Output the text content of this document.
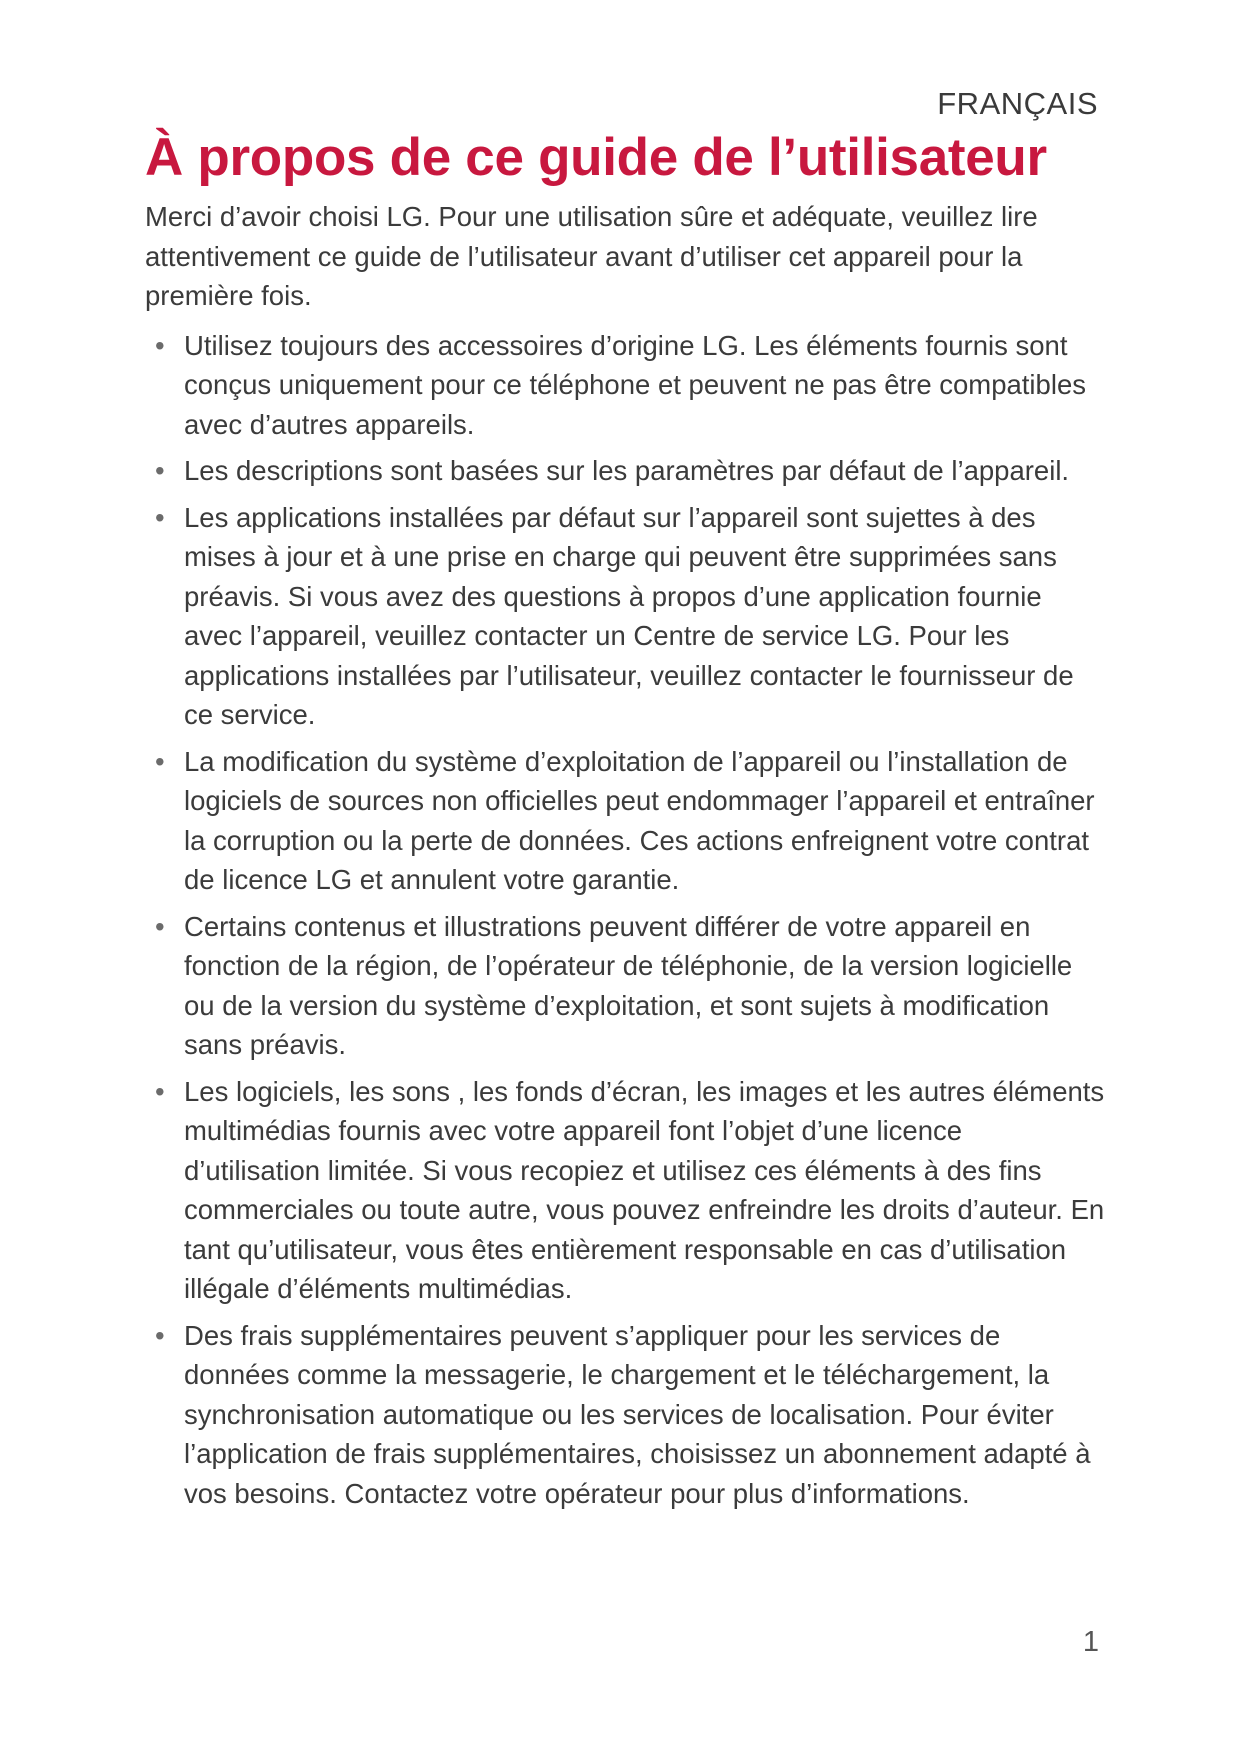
FRANÇAIS
À propos de ce guide de l’utilisateur

Merci d’avoir choisi LG. Pour une utilisation sûre et adéquate, veuillez lire attentivement ce guide de l’utilisateur avant d’utiliser cet appareil pour la première fois.

• Utilisez toujours des accessoires d’origine LG. Les éléments fournis sont conçus uniquement pour ce téléphone et peuvent ne pas être compatibles avec d’autres appareils.
• Les descriptions sont basées sur les paramètres par défaut de l’appareil.
• Les applications installées par défaut sur l’appareil sont sujettes à des mises à jour et à une prise en charge qui peuvent être supprimées sans préavis. Si vous avez des questions à propos d’une application fournie avec l’appareil, veuillez contacter un Centre de service LG. Pour les applications installées par l’utilisateur, veuillez contacter le fournisseur de ce service.
• La modification du système d’exploitation de l’appareil ou l’installation de logiciels de sources non officielles peut endommager l’appareil et entraîner la corruption ou la perte de données. Ces actions enfreignent votre contrat de licence LG et annulent votre garantie.
• Certains contenus et illustrations peuvent différer de votre appareil en fonction de la région, de l’opérateur de téléphonie, de la version logicielle ou de la version du système d’exploitation, et sont sujets à modification sans préavis.
• Les logiciels, les sons , les fonds d’écran, les images et les autres éléments multimédias fournis avec votre appareil font l’objet d’une licence d’utilisation limitée. Si vous recopiez et utilisez ces éléments à des fins commerciales ou toute autre, vous pouvez enfreindre les droits d’auteur. En tant qu’utilisateur, vous êtes entièrement responsable en cas d’utilisation illégale d’éléments multimédias.
• Des frais supplémentaires peuvent s’appliquer pour les services de données comme la messagerie, le chargement et le téléchargement, la synchronisation automatique ou les services de localisation. Pour éviter l’application de frais supplémentaires, choisissez un abonnement adapté à vos besoins. Contactez votre opérateur pour plus d’informations.
1
